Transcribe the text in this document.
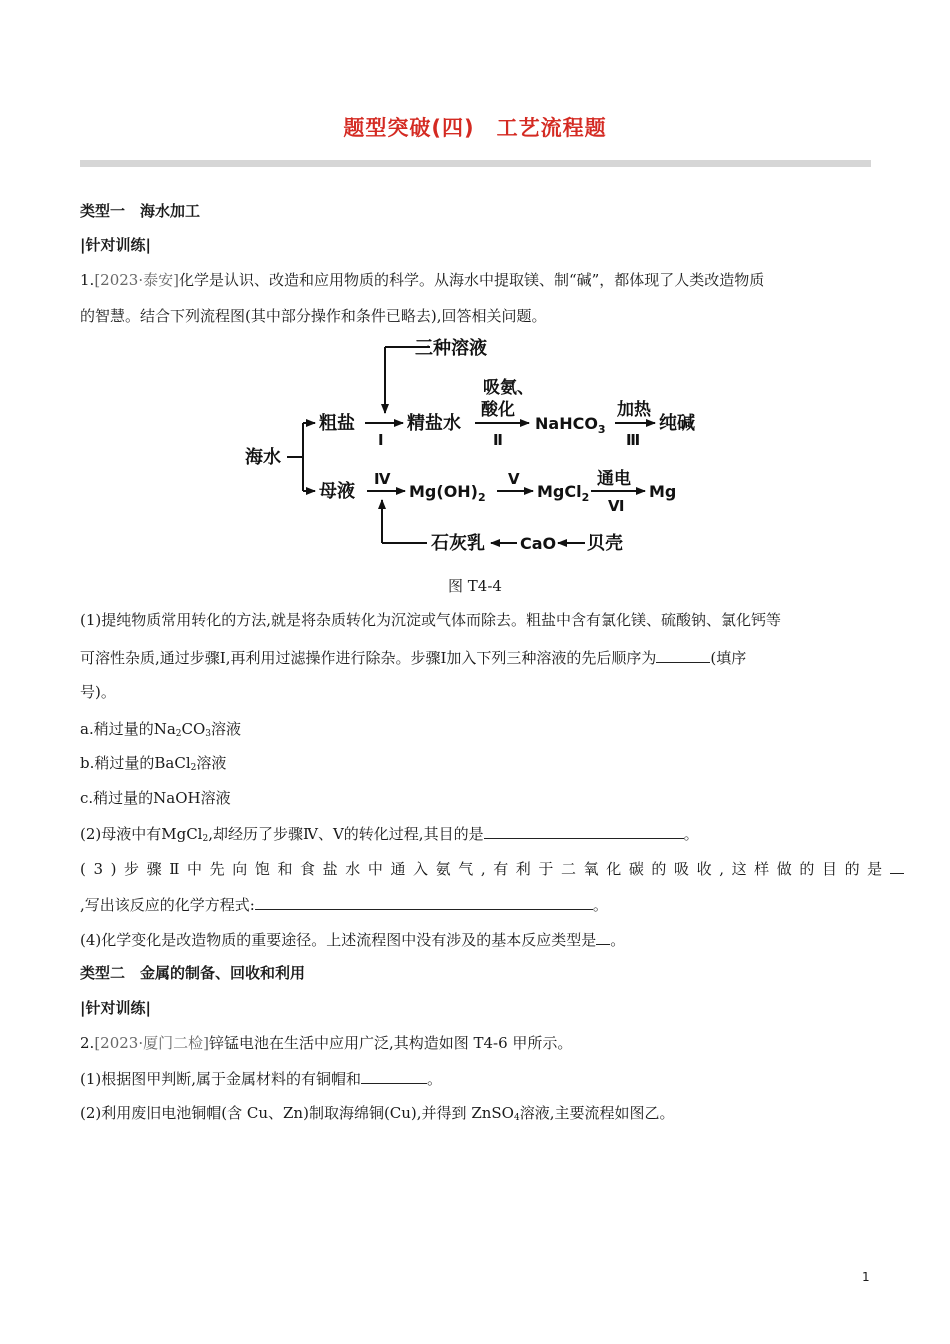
题型突破(四) 工艺流程题
类型一　海水加工
|针对训练|
1.[2023·泰安]化学是认识、改造和应用物质的科学。从海水中提取镁、制“碱”，都体现了人类改造物质
的智慧。结合下列流程图(其中部分操作和条件已略去),回答相关问题。
海水
粗盐
母液
三种溶液
Ⅰ
精盐水
吸氨、
酸化
Ⅱ
NaHCO$_3$
加热
Ⅲ
纯碱
Ⅳ
$Mg(OH)_2$
Ⅴ
MgCl$_2$
通电
Ⅵ
Mg
石灰乳 CaO 贝壳
图 T4-4
(1)提纯物质常用转化的方法,就是将杂质转化为沉淀或气体而除去。粗盐中含有氯化镁、硫酸钠、氯化钙等
可溶性杂质,通过步骤Ⅰ,再利用过滤操作进行除杂。步骤Ⅰ加入下列三种溶液的先后顺序为	(填序
号)。
a.稍过量的$Na_2CO_3$溶液
b.稍过量的BaCl$_2$溶液
c.稍过量的NaOH溶液
(2)母液中有MgCl$_2$,却经历了步骤Ⅳ、Ⅴ的转化过程,其目的是	。
(3)步骤Ⅱ中先向饱和食盐水中通入氨气,有利于二氧化碳的吸收,这样做的目的是
,写出该反应的化学方程式:	。
(4)化学变化是改造物质的重要途径。上述流程图中没有涉及的基本反应类型是 。
类型二　金属的制备、回收和利用
|针对训练|
2.[2023·厦门二检]锌锰电池在生活中应用广泛,其构造如图 T4-6 甲所示。
(1)根据图甲判断,属于金属材料的有铜帽和	。
(2)利用废旧电池铜帽(含 Cu、Zn)制取海绵铜(Cu),并得到 ZnSO$_4$溶液,主要流程如图乙。
1
